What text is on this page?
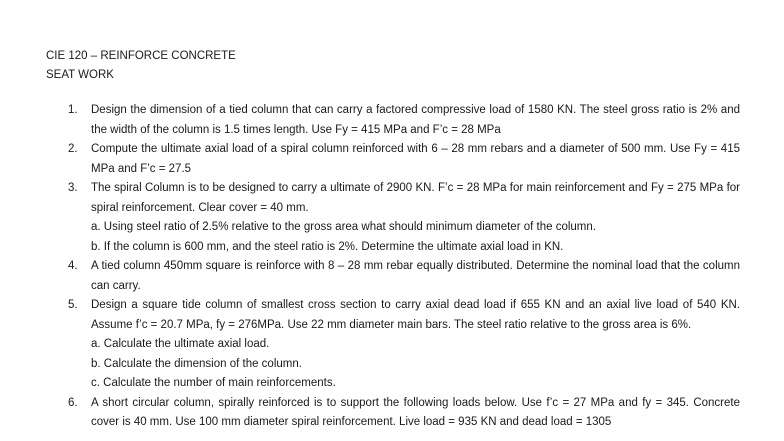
CIE 120 – REINFORCE CONCRETE
SEAT WORK
1. Design the dimension of a tied column that can carry a factored compressive load of 1580 KN. The steel gross ratio is 2% and the width of the column is 1.5 times length. Use Fy = 415 MPa and F’c = 28 MPa
2. Compute the ultimate axial load of a spiral column reinforced with 6 – 28 mm rebars and a diameter of 500 mm. Use Fy = 415 MPa and F’c = 27.5
3. The spiral Column is to be designed to carry a ultimate of 2900 KN. F’c = 28 MPa for main reinforcement and Fy = 275 MPa for spiral reinforcement. Clear cover = 40 mm.
a. Using steel ratio of 2.5% relative to the gross area what should minimum diameter of the column.
b. If the column is 600 mm, and the steel ratio is 2%. Determine the ultimate axial load in KN.
4. A tied column 450mm square is reinforce with 8 – 28 mm rebar equally distributed. Determine the nominal load that the column can carry.
5. Design a square tide column of smallest cross section to carry axial dead load if 655 KN and an axial live load of 540 KN. Assume f’c = 20.7 MPa, fy = 276MPa. Use 22 mm diameter main bars. The steel ratio relative to the gross area is 6%.
a. Calculate the ultimate axial load.
b. Calculate the dimension of the column.
c. Calculate the number of main reinforcements.
6. A short circular column, spirally reinforced is to support the following loads below. Use f’c = 27 MPa and fy = 345. Concrete cover is 40 mm. Use 100 mm diameter spiral reinforcement. Live load = 935 KN and dead load = 1305
